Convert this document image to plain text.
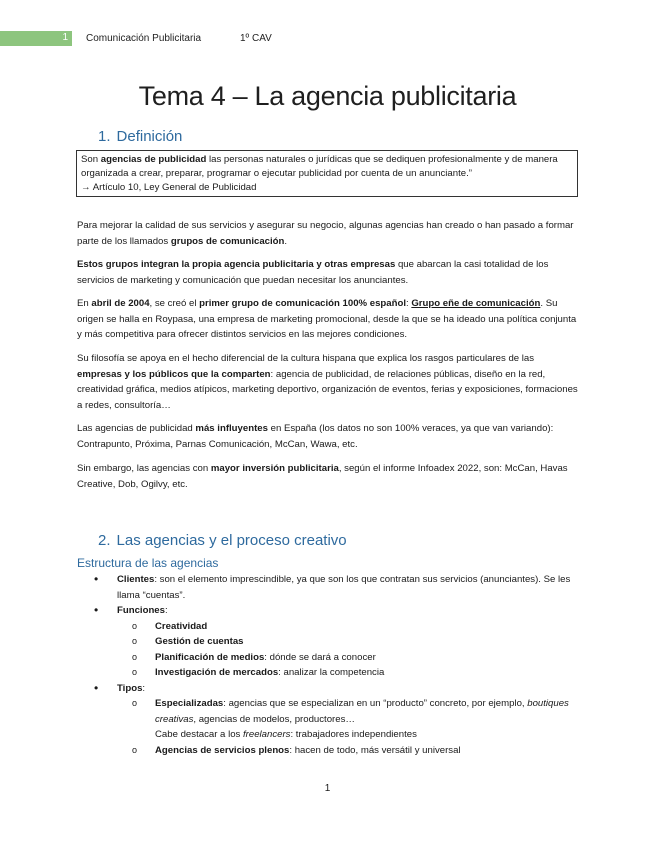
1 Comunicación Publicitaria	1º CAV
Tema 4 – La agencia publicitaria
1. Definición
Son agencias de publicidad las personas naturales o jurídicas que se dediquen profesionalmente y de manera organizada a crear, preparar, programar o ejecutar publicidad por cuenta de un anunciante.”
→ Artículo 10, Ley General de Publicidad
Para mejorar la calidad de sus servicios y asegurar su negocio, algunas agencias han creado o han pasado a formar parte de los llamados grupos de comunicación.
Estos grupos integran la propia agencia publicitaria y otras empresas que abarcan la casi totalidad de los servicios de marketing y comunicación que puedan necesitar los anunciantes.
En abril de 2004, se creó el primer grupo de comunicación 100% español: Grupo eñe de comunicación. Su origen se halla en Roypasa, una empresa de marketing promocional, desde la que se ha ideado una política conjunta y más competitiva para ofrecer distintos servicios en las mejores condiciones.
Su filosofía se apoya en el hecho diferencial de la cultura hispana que explica los rasgos particulares de las empresas y los públicos que la comparten: agencia de publicidad, de relaciones públicas, diseño en la red, creatividad gráfica, medios atípicos, marketing deportivo, organización de eventos, ferias y exposiciones, formaciones a redes, consultoría…
Las agencias de publicidad más influyentes en España (los datos no son 100% veraces, ya que van variando): Contrapunto, Próxima, Parnas Comunicación, McCan, Wawa, etc.
Sin embargo, las agencias con mayor inversión publicitaria, según el informe Infoadex 2022, son: McCan, Havas Creative, Dob, Ogilvy, etc.
2. Las agencias y el proceso creativo
Estructura de las agencias
• Clientes: son el elemento imprescindible, ya que son los que contratan sus servicios (anunciantes). Se les llama “cuentas”.
• Funciones:
o Creatividad
o Gestión de cuentas
o Planificación de medios: dónde se dará a conocer
o Investigación de mercados: analizar la competencia
• Tipos:
o Especializadas: agencias que se especializan en un “producto” concreto, por ejemplo, boutiques creativas, agencias de modelos, productores…
Cabe destacar a los freelancers: trabajadores independientes
o Agencias de servicios plenos: hacen de todo, más versátil y universal
1
